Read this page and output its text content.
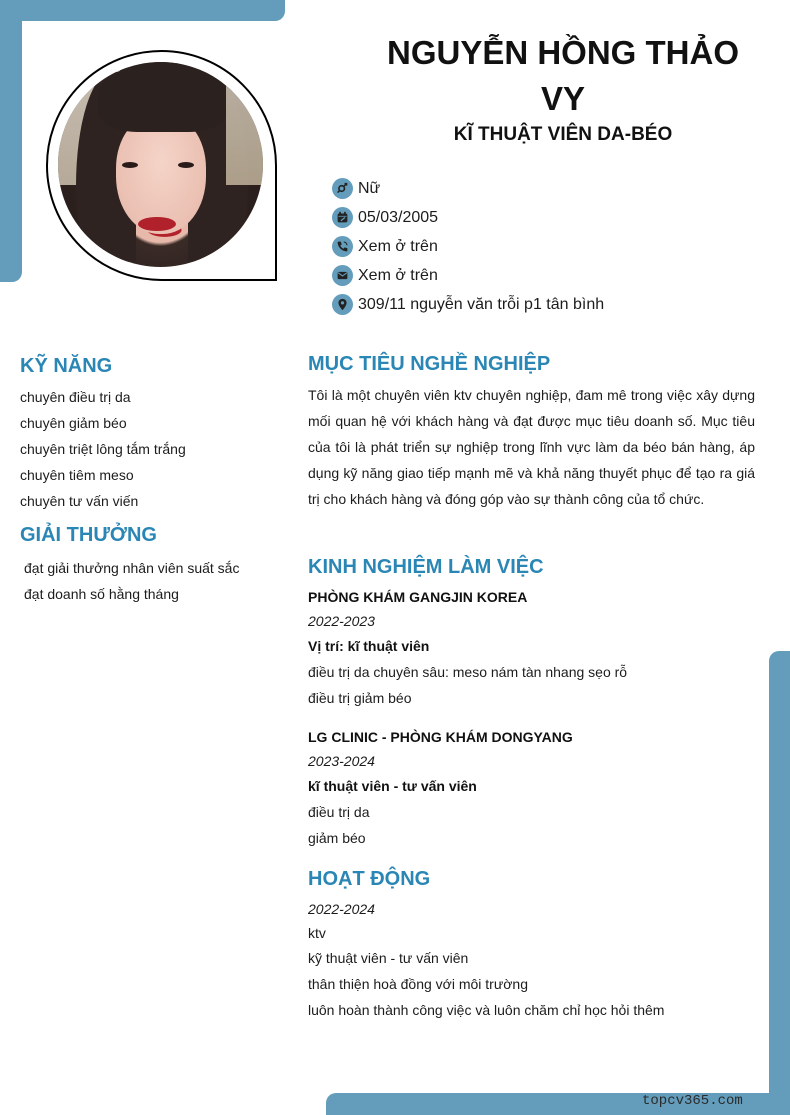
topcv365.com
NGUYỄN HỒNG THẢO VY
KĨ THUẬT VIÊN DA-BÉO
Nữ
05/03/2005
Xem ở trên
Xem ở trên
309/11 nguyễn văn trỗi p1 tân bình
KỸ NĂNG
chuyên điều trị da
chuyên giảm béo
chuyên triệt lông tắm trắng
chuyên tiêm meso
chuyên tư vấn viến
GIẢI THƯỞNG
đạt giải thưởng nhân viên suất sắc
đạt doanh số hằng tháng
MỤC TIÊU NGHỀ NGHIỆP
Tôi là một chuyên viên ktv chuyên nghiệp, đam mê trong việc xây dựng mối quan hệ với khách hàng và đạt được mục tiêu doanh số. Mục tiêu của tôi là phát triển sự nghiệp trong lĩnh vực làm da béo bán hàng, áp dụng kỹ năng giao tiếp mạnh mẽ và khả năng thuyết phục để tạo ra giá trị cho khách hàng và đóng góp vào sự thành công của tổ chức.
KINH NGHIỆM LÀM VIỆC
PHÒNG KHÁM GANGJIN KOREA
2022-2023
Vị trí: kĩ thuật viên
điều trị da chuyên sâu: meso nám tàn nhang sẹo rỗ
điều trị giảm béo
LG CLINIC - PHÒNG KHÁM DONGYANG
2023-2024
kĩ thuật viên - tư vấn viên
điều trị da
giảm béo
HOẠT ĐỘNG
2022-2024
ktv
kỹ thuật viên - tư vấn viên
thân thiện hoà đồng với môi trường
luôn hoàn thành công việc và luôn chăm chỉ học hỏi thêm
